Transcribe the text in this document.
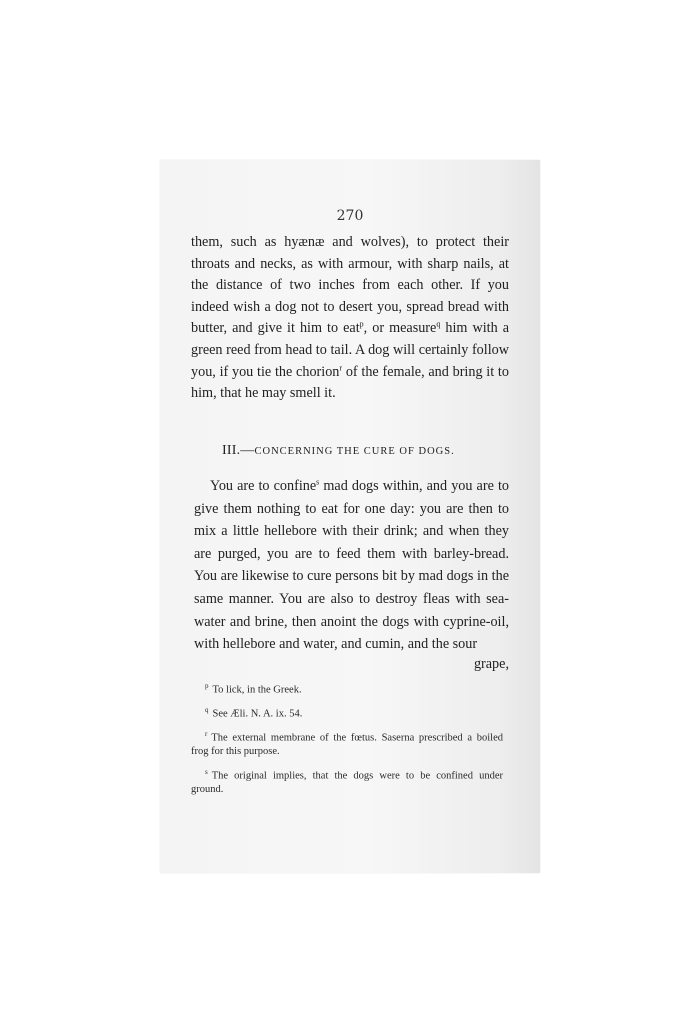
270

them, such as hyænæ and wolves), to protect their throats and necks, as with armour, with sharp nails, at the distance of two inches from each other. If you indeed wish a dog not to desert you, spread bread with butter, and give it him to eat$^p$, or measure$^q$ him with a green reed from head to tail. A dog will certainly follow you, if you tie the chorion$^r$ of the female, and bring it to him, that he may smell it.

III.—CONCERNING THE CURE OF DOGS.
You are to confine$^s$ mad dogs within, and you are to give them nothing to eat for one day: you are then to mix a little hellebore with their drink; and when they are purged, you are to feed them with barley-bread. You are likewise to cure persons bit by mad dogs in the same manner. You are also to destroy fleas with sea-water and brine, then anoint the dogs with cyprine-oil, with hellebore and water, and cumin, and the sour
grape,

$^p$ To lick, in the Greek.

$^q$ See Æli. N. A. ix. 54.

$^r$ The external membrane of the fœtus. Saserna prescribed a boiled frog for this purpose.

$^s$ The original implies, that the dogs were to be confined under ground.
